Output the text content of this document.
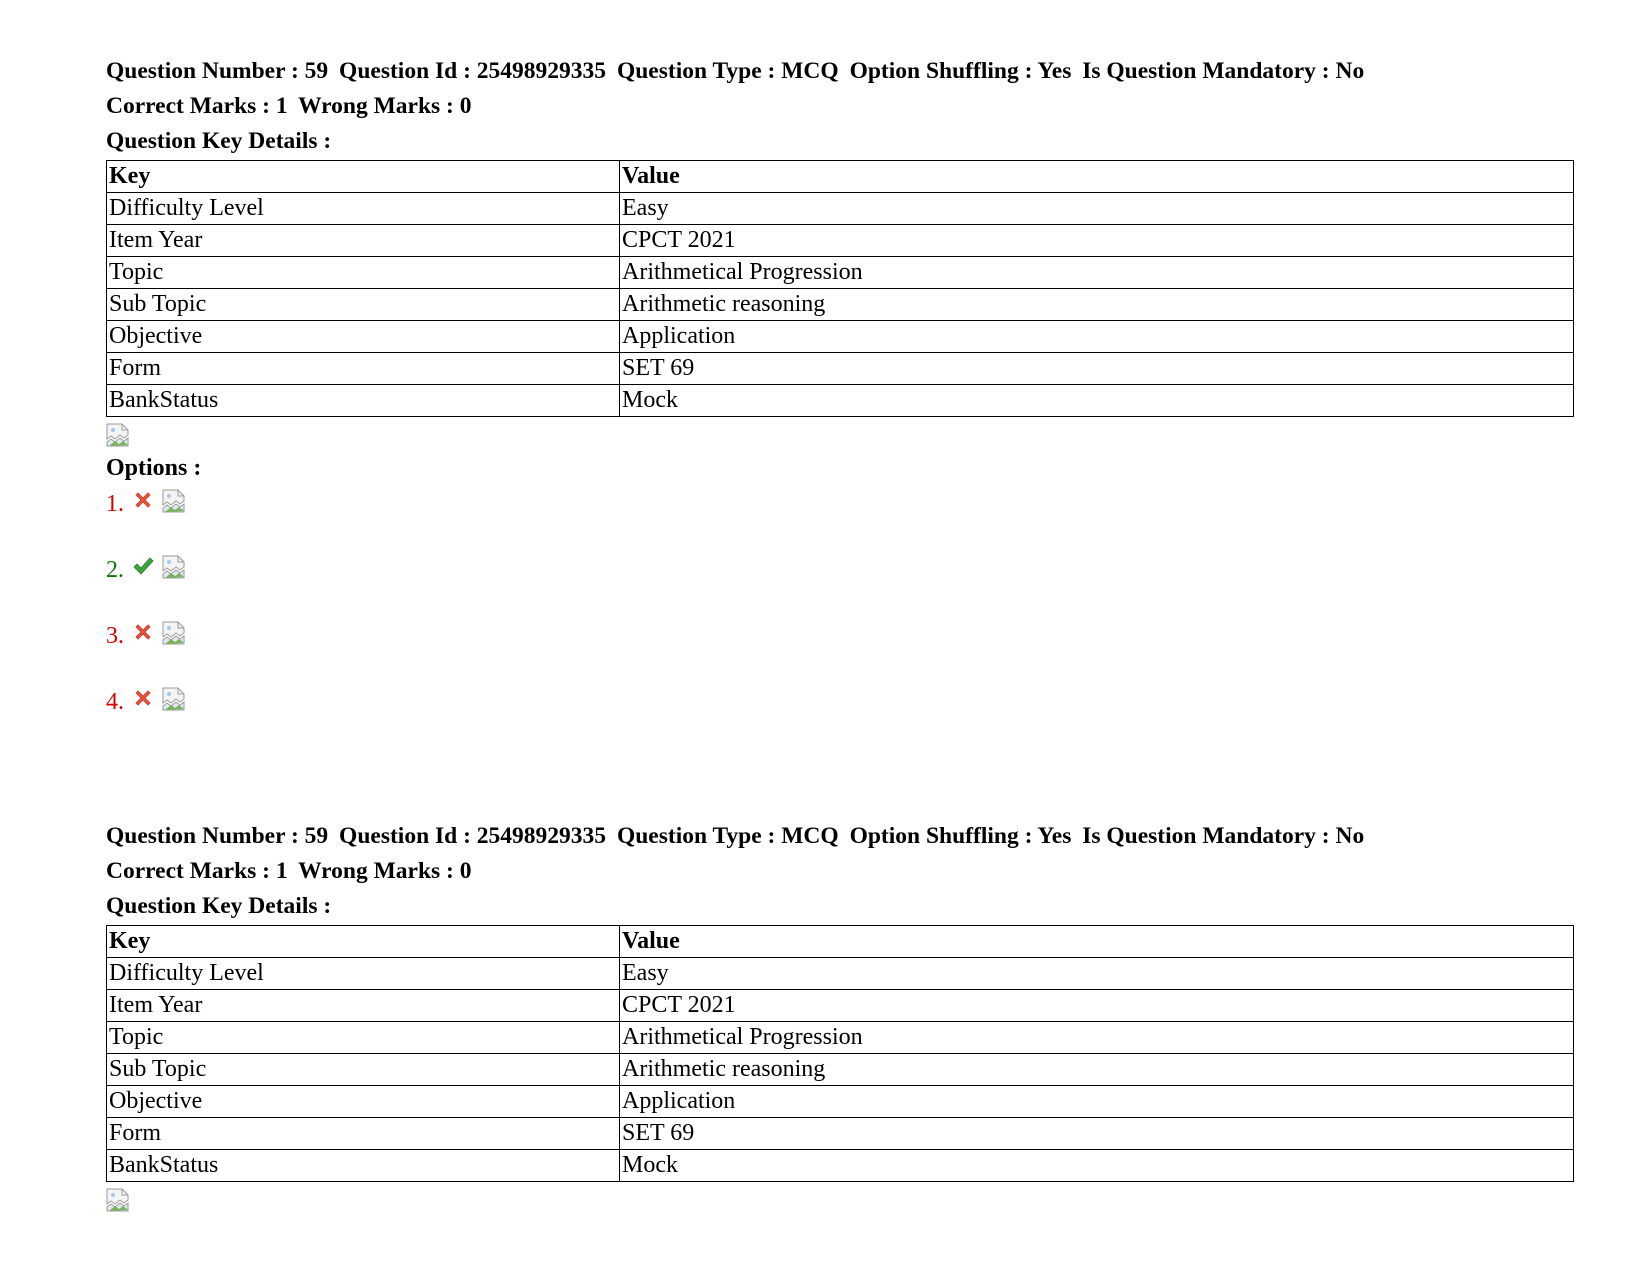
Question Number : 59 Question Id : 25498929335 Question Type : MCQ Option Shuffling : Yes Is Question Mandatory : No
Correct Marks : 1 Wrong Marks : 0
Question Key Details :
Key	Value
Difficulty Level	Easy
Item Year	CPCT 2021
Topic	Arithmetical Progression
Sub Topic	Arithmetic reasoning
Objective	Application
Form	SET 69
BankStatus	Mock
Options :
1.
2.
3.
4.
Question Number : 59 Question Id : 25498929335 Question Type : MCQ Option Shuffling : Yes Is Question Mandatory : No
Correct Marks : 1 Wrong Marks : 0
Question Key Details :
Key	Value
Difficulty Level	Easy
Item Year	CPCT 2021
Topic	Arithmetical Progression
Sub Topic	Arithmetic reasoning
Objective	Application
Form	SET 69
BankStatus	Mock
